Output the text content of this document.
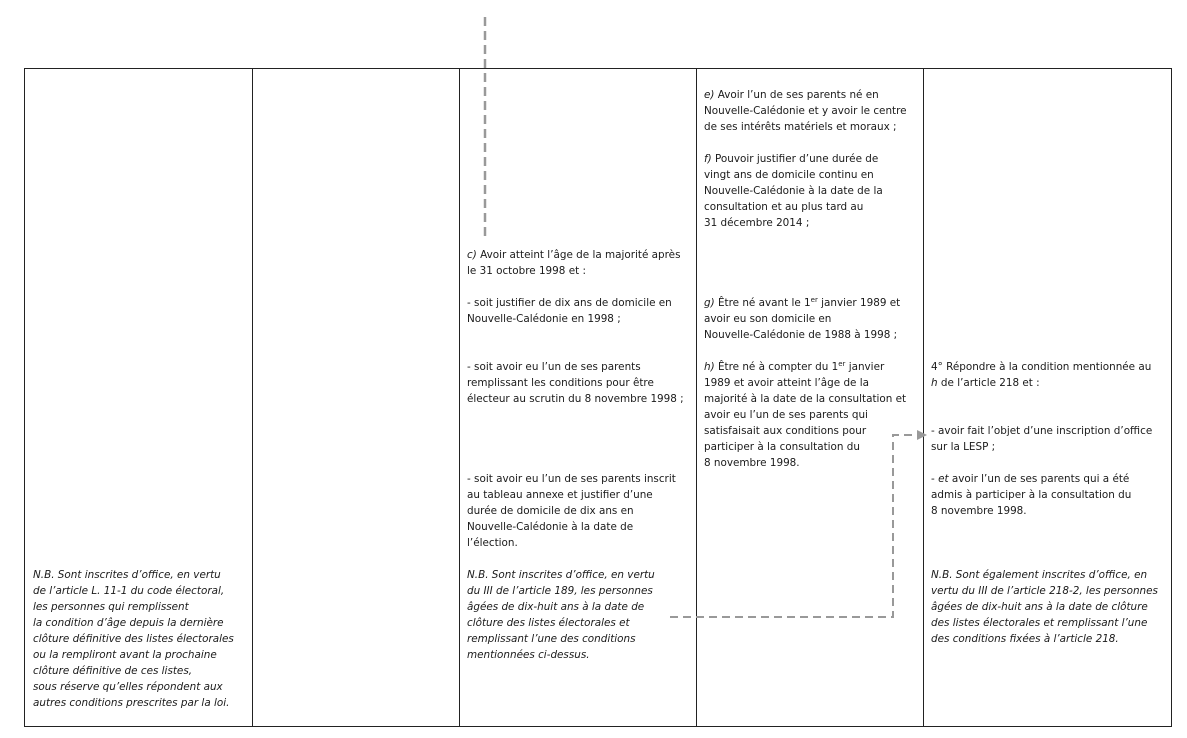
N.B. Sont inscrites d’office, en vertu
de l’article L. 11-1 du code électoral,
les personnes qui remplissent
la condition d’âge depuis la dernière
clôture définitive des listes électorales
ou la rempliront avant la prochaine
clôture définitive de ces listes,
sous réserve qu’elles répondent aux
autres conditions prescrites par la loi.
c) Avoir atteint l’âge de la majorité après
le 31 octobre 1998 et :
- soit justifier de dix ans de domicile en
Nouvelle-Calédonie en 1998 ;
- soit avoir eu l’un de ses parents
remplissant les conditions pour être
électeur au scrutin du 8 novembre 1998 ;
- soit avoir eu l’un de ses parents inscrit
au tableau annexe et justifier d’une
durée de domicile de dix ans en
Nouvelle-Calédonie à la date de
l’élection.
N.B. Sont inscrites d’office, en vertu
du III de l’article 189, les personnes
âgées de dix-huit ans à la date de
clôture des listes électorales et
remplissant l’une des conditions
mentionnées ci-dessus.
e) Avoir l’un de ses parents né en
Nouvelle-Calédonie et y avoir le centre
de ses intérêts matériels et moraux ;
f) Pouvoir justifier d’une durée de
vingt ans de domicile continu en
Nouvelle-Calédonie à la date de la
consultation et au plus tard au
31 décembre 2014 ;
g) Être né avant le 1er janvier 1989 et
avoir eu son domicile en
Nouvelle-Calédonie de 1988 à 1998 ;
h) Être né à compter du 1er janvier
1989 et avoir atteint l’âge de la
majorité à la date de la consultation et
avoir eu l’un de ses parents qui
satisfaisait aux conditions pour
participer à la consultation du
8 novembre 1998.
4° Répondre à la condition mentionnée au
h de l’article 218 et :
- avoir fait l’objet d’une inscription d’office
sur la LESP ;
- et avoir l’un de ses parents qui a été
admis à participer à la consultation du
8 novembre 1998.
N.B. Sont également inscrites d’office, en
vertu du III de l’article 218-2, les personnes
âgées de dix-huit ans à la date de clôture
des listes électorales et remplissant l’une
des conditions fixées à l’article 218.
